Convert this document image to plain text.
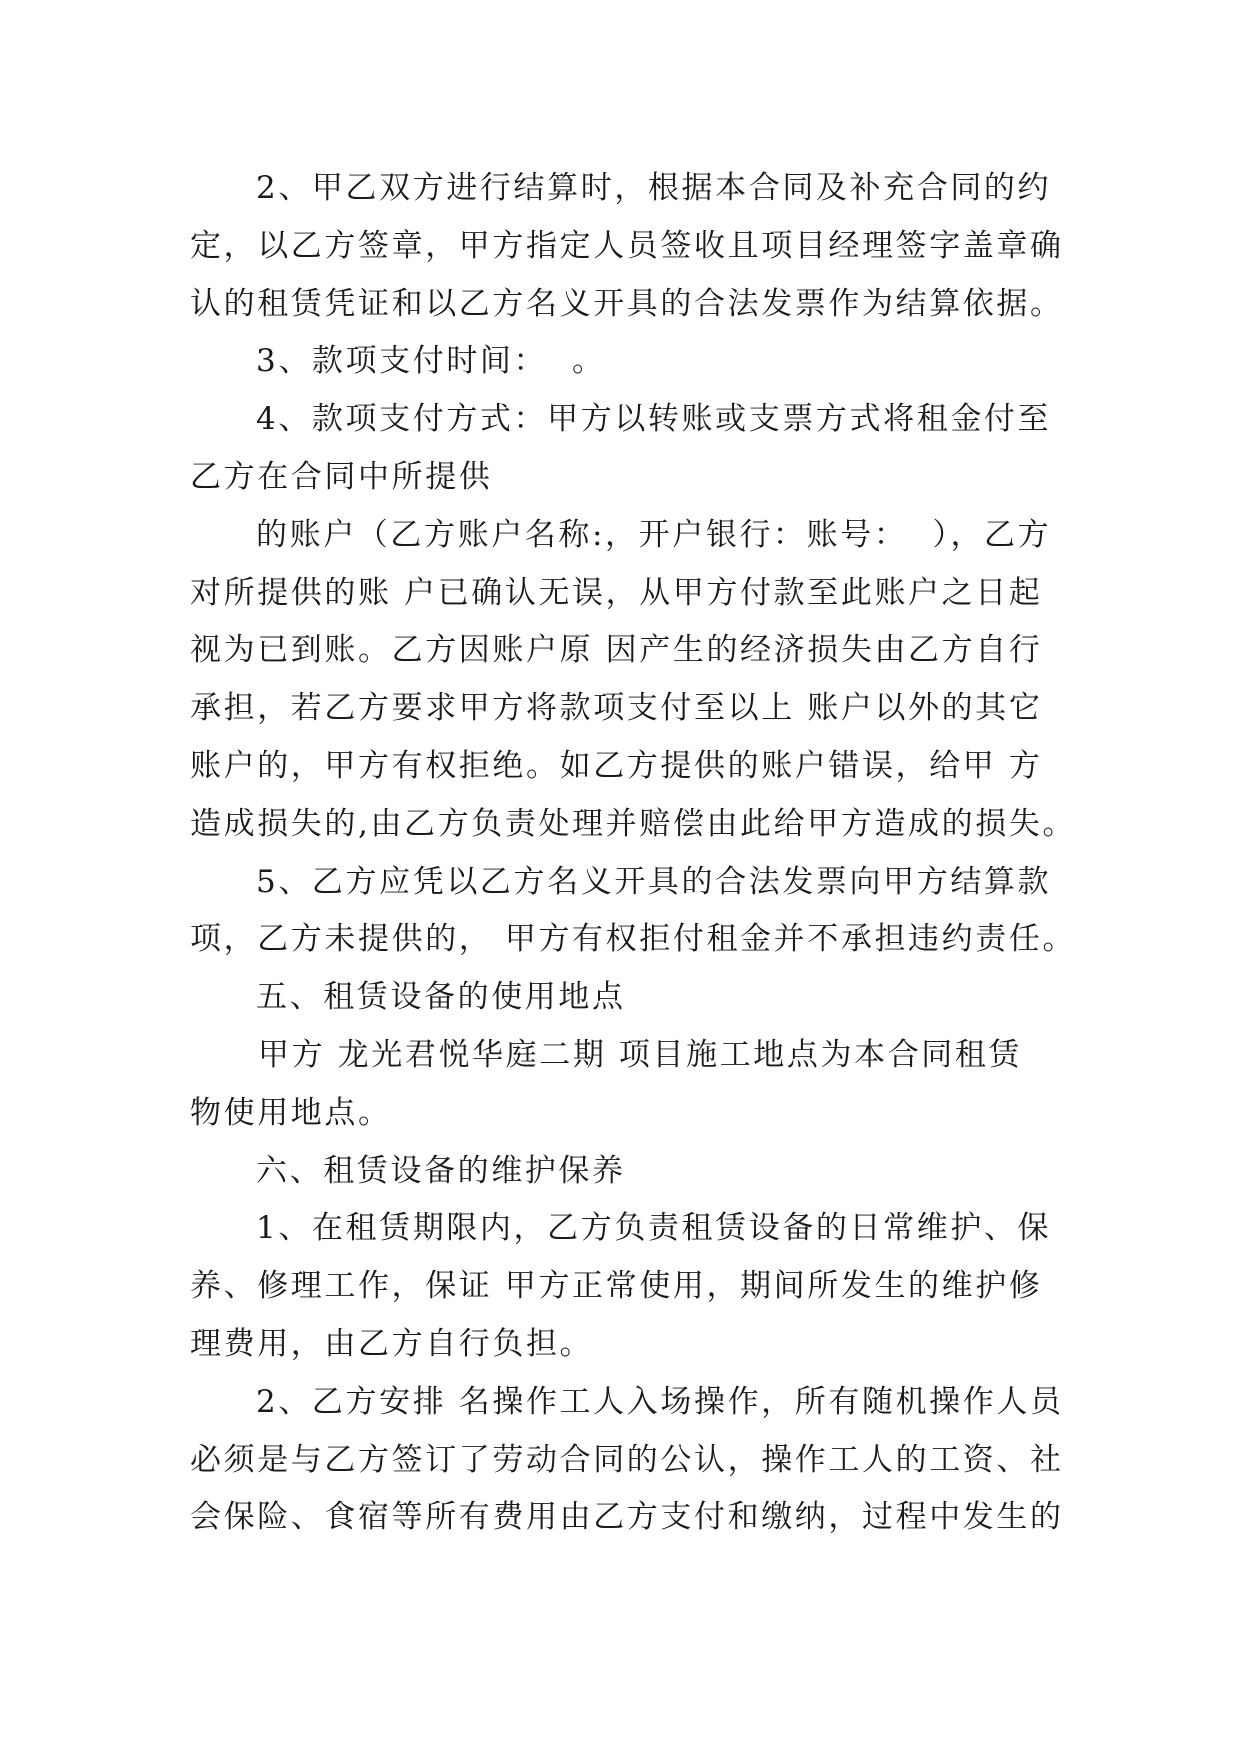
2、甲乙双方进行结算时，根据本合同及补充合同的约
定，以乙方签章，甲方指定人员签收且项目经理签字盖章确
认的租赁凭证和以乙方名义开具的合法发票作为结算依据。
3、款项支付时间：  。
4、款项支付方式：甲方以转账或支票方式将租金付至
乙方在合同中所提供
的账户（乙方账户名称:，开户银行：账号：  ），乙方
对所提供的账 户已确认无误，从甲方付款至此账户之日起
视为已到账。乙方因账户原 因产生的经济损失由乙方自行
承担，若乙方要求甲方将款项支付至以上 账户以外的其它
账户的，甲方有权拒绝。如乙方提供的账户错误，给甲 方
造成损失的,由乙方负责处理并赔偿由此给甲方造成的损失。
5、乙方应凭以乙方名义开具的合法发票向甲方结算款
项，乙方未提供的， 甲方有权拒付租金并不承担违约责任。
五、租赁设备的使用地点
甲方 龙光君悦华庭二期 项目施工地点为本合同租赁
物使用地点。
六、租赁设备的维护保养
1、在租赁期限内，乙方负责租赁设备的日常维护、保
养、修理工作，保证 甲方正常使用，期间所发生的维护修
理费用，由乙方自行负担。
2、乙方安排 名操作工人入场操作，所有随机操作人员
必须是与乙方签订了劳动合同的公认，操作工人的工资、社
会保险、食宿等所有费用由乙方支付和缴纳，过程中发生的
